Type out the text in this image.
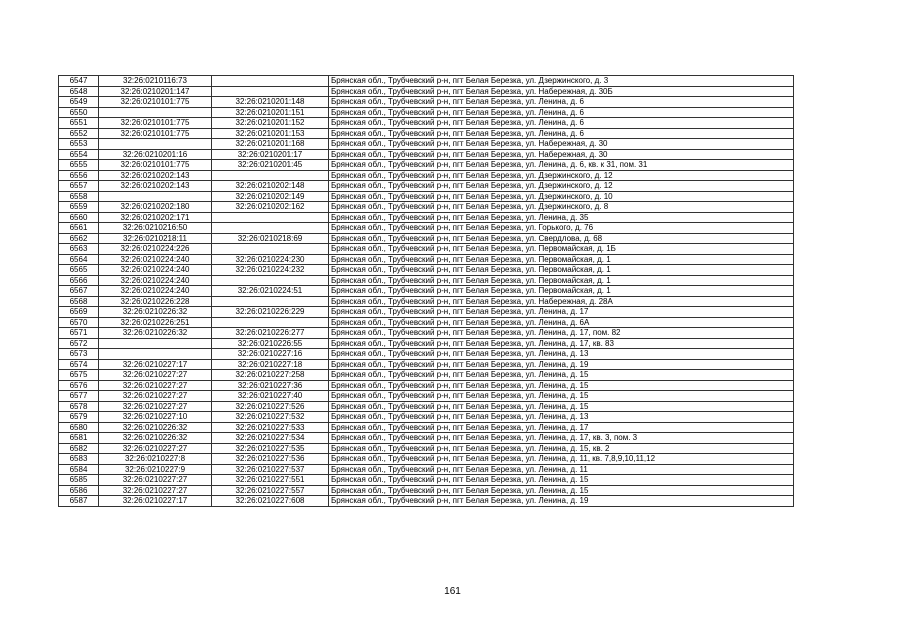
6547	32:26:0210116:73		Брянская обл., Трубчевский р-н, пгт Белая Березка, ул. Дзержинского, д. 3
6548	32:26:0210201:147		Брянская обл., Трубчевский р-н, пгт Белая Березка, ул. Набережная, д. 30Б
6549	32:26:0210101:775	32:26:0210201:148	Брянская обл., Трубчевский р-н, пгт Белая Березка, ул. Ленина, д. 6
6550		32:26:0210201:151	Брянская обл., Трубчевский р-н, пгт Белая Березка, ул. Ленина, д. 6
6551	32:26:0210101:775	32:26:0210201:152	Брянская обл., Трубчевский р-н, пгт Белая Березка, ул. Ленина, д. 6
6552	32:26:0210101:775	32:26:0210201:153	Брянская обл., Трубчевский р-н, пгт Белая Березка, ул. Ленина, д. 6
6553		32:26:0210201:168	Брянская обл., Трубчевский р-н, пгт Белая Березка, ул. Набережная, д. 30
6554	32:26:0210201:16	32:26:0210201:17	Брянская обл., Трубчевский р-н, пгт Белая Березка, ул. Набережная, д. 30
6555	32:26:0210101:775	32:26:0210201:45	Брянская обл., Трубчевский р-н, пгт Белая Березка, ул. Ленина, д. 6, кв. к 31, пом. 31
6556	32:26:0210202:143		Брянская обл., Трубчевский р-н, пгт Белая Березка, ул. Дзержинского, д. 12
6557	32:26:0210202:143	32:26:0210202:148	Брянская обл., Трубчевский р-н, пгт Белая Березка, ул. Дзержинского, д. 12
6558		32:26:0210202:149	Брянская обл., Трубчевский р-н, пгт Белая Березка, ул. Дзержинского, д. 10
6559	32:26:0210202:180	32:26:0210202:162	Брянская обл., Трубчевский р-н, пгт Белая Березка, ул. Дзержинского, д. 8
6560	32:26:0210202:171		Брянская обл., Трубчевский р-н, пгт Белая Березка, ул. Ленина, д. 35
6561	32:26:0210216:50		Брянская обл., Трубчевский р-н, пгт Белая Березка, ул. Горького, д. 76
6562	32:26:0210218:11	32:26:0210218:69	Брянская обл., Трубчевский р-н, пгт Белая Березка, ул. Свердлова, д. 68
6563	32:26:0210224:226		Брянская обл., Трубчевский р-н, пгт Белая Березка, ул. Первомайская, д. 1Б
6564	32:26:0210224:240	32:26:0210224:230	Брянская обл., Трубчевский р-н, пгт Белая Березка, ул. Первомайская, д. 1
6565	32:26:0210224:240	32:26:0210224:232	Брянская обл., Трубчевский р-н, пгт Белая Березка, ул. Первомайская, д. 1
6566	32:26:0210224:240		Брянская обл., Трубчевский р-н, пгт Белая Березка, ул. Первомайская, д. 1
6567	32:26:0210224:240	32:26:0210224:51	Брянская обл., Трубчевский р-н, пгт Белая Березка, ул. Первомайская, д. 1
6568	32:26:0210226:228		Брянская обл., Трубчевский р-н, пгт Белая Березка, ул. Набережная, д. 28А
6569	32:26:0210226:32	32:26:0210226:229	Брянская обл., Трубчевский р-н, пгт Белая Березка, ул. Ленина, д. 17
6570	32:26:0210226:251		Брянская обл., Трубчевский р-н, пгт Белая Березка, ул. Ленина, д. 6А
6571	32:26:0210226:32	32:26:0210226:277	Брянская обл., Трубчевский р-н, пгт Белая Березка, ул. Ленина, д. 17, пом. 82
6572		32:26:0210226:55	Брянская обл., Трубчевский р-н, пгт Белая Березка, ул. Ленина, д. 17, кв. 83
6573		32:26:0210227:16	Брянская обл., Трубчевский р-н, пгт Белая Березка, ул. Ленина, д. 13
6574	32:26:0210227:17	32:26:0210227:18	Брянская обл., Трубчевский р-н, пгт Белая Березка, ул. Ленина, д. 19
6575	32:26:0210227:27	32:26:0210227:258	Брянская обл., Трубчевский р-н, пгт Белая Березка, ул. Ленина, д. 15
6576	32:26:0210227:27	32:26:0210227:36	Брянская обл., Трубчевский р-н, пгт Белая Березка, ул. Ленина, д. 15
6577	32:26:0210227:27	32:26:0210227:40	Брянская обл., Трубчевский р-н, пгт Белая Березка, ул. Ленина, д. 15
6578	32:26:0210227:27	32:26:0210227:526	Брянская обл., Трубчевский р-н, пгт Белая Березка, ул. Ленина, д. 15
6579	32:26:0210227:10	32:26:0210227:532	Брянская обл., Трубчевский р-н, пгт Белая Березка, ул. Ленина, д. 13
6580	32:26:0210226:32	32:26:0210227:533	Брянская обл., Трубчевский р-н, пгт Белая Березка, ул. Ленина, д. 17
6581	32:26:0210226:32	32:26:0210227:534	Брянская обл., Трубчевский р-н, пгт Белая Березка, ул. Ленина, д. 17, кв. 3, пом. 3
6582	32:26:0210227:27	32:26:0210227:535	Брянская обл., Трубчевский р-н, пгт Белая Березка, ул. Ленина, д. 15, кв. 2
6583	32:26:0210227:8	32:26:0210227:536	Брянская обл., Трубчевский р-н, пгт Белая Березка, ул. Ленина, д. 11, кв. 7,8,9,10,11,12
6584	32:26:0210227:9	32:26:0210227:537	Брянская обл., Трубчевский р-н, пгт Белая Березка, ул. Ленина, д. 11
6585	32:26:0210227:27	32:26:0210227:551	Брянская обл., Трубчевский р-н, пгт Белая Березка, ул. Ленина, д. 15
6586	32:26:0210227:27	32:26:0210227:557	Брянская обл., Трубчевский р-н, пгт Белая Березка, ул. Ленина, д. 15
6587	32:26:0210227:17	32:26:0210227:608	Брянская обл., Трубчевский р-н, пгт Белая Березка, ул. Ленина, д. 19
161
